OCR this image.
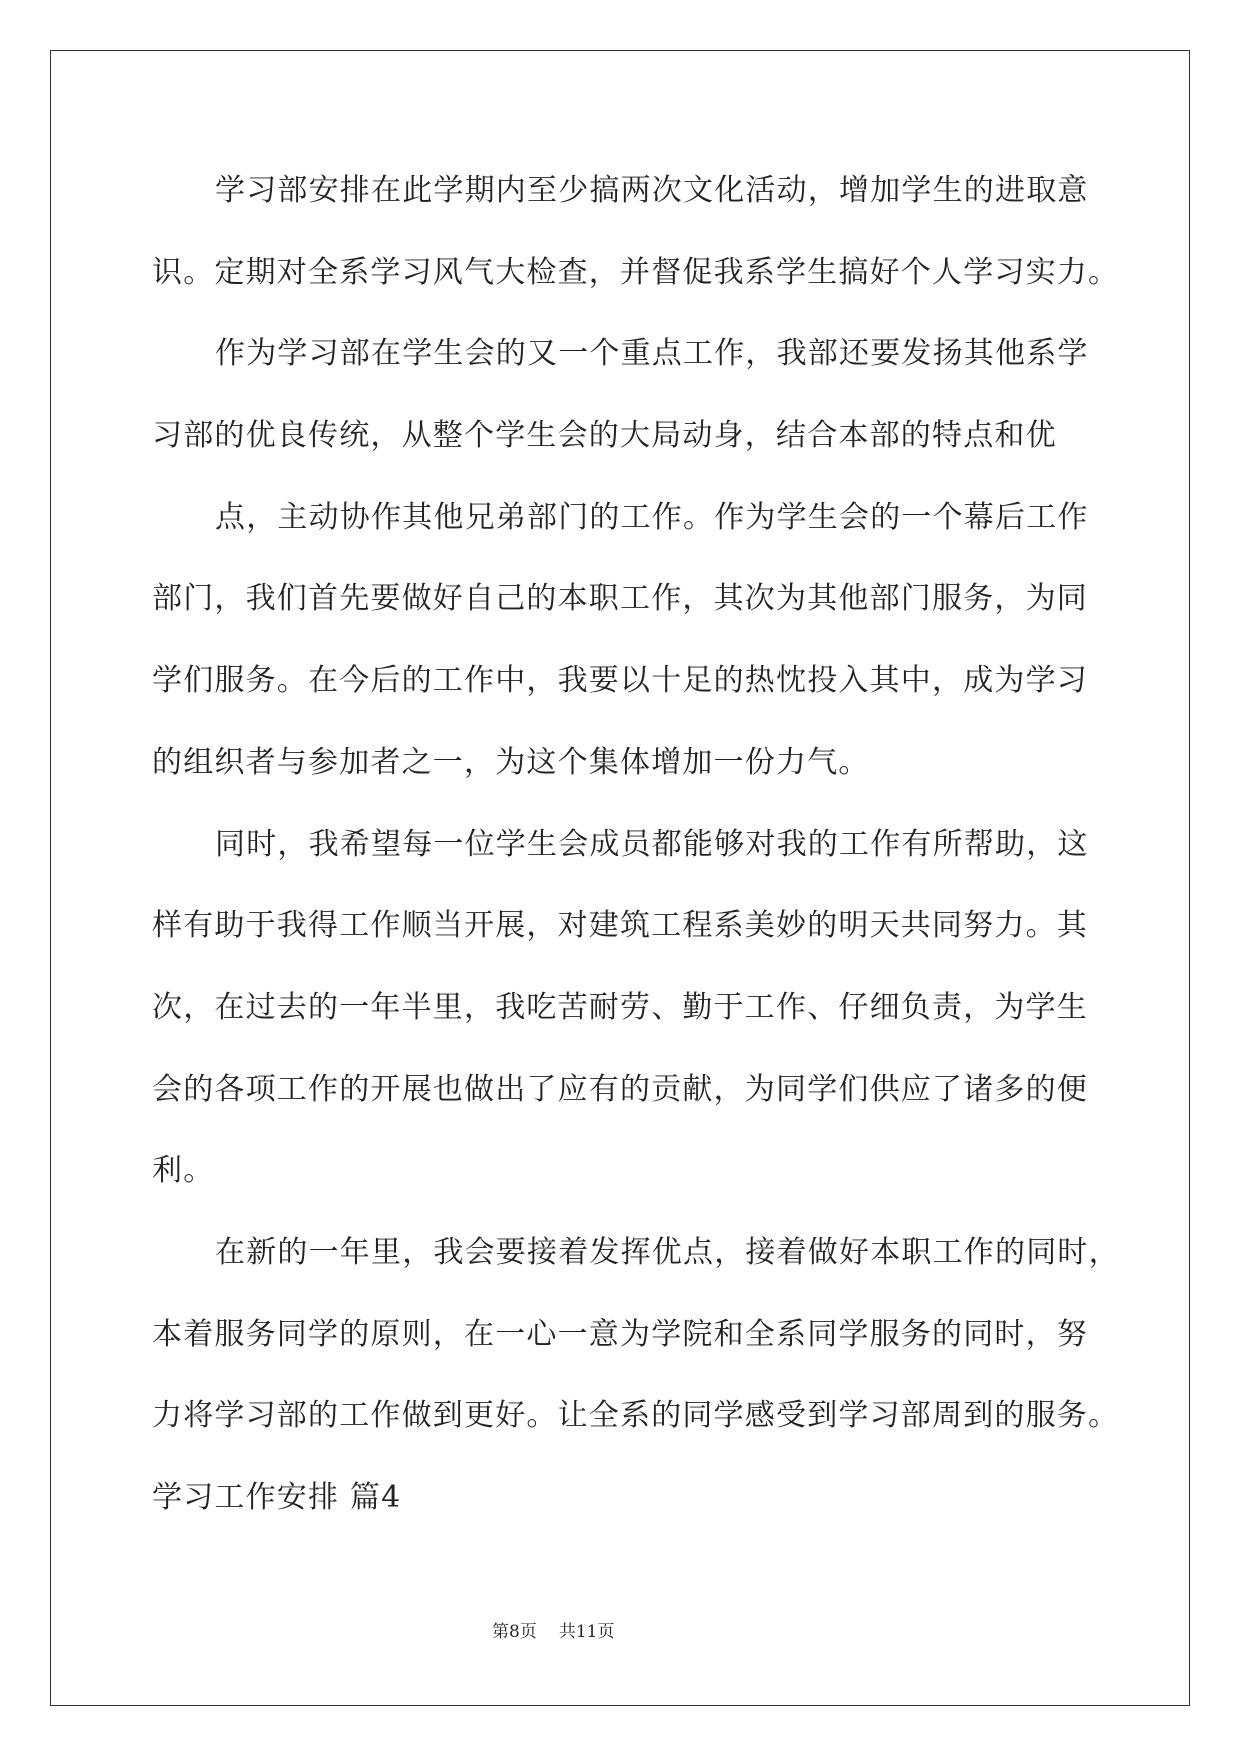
学习部安排在此学期内至少搞两次文化活动，增加学生的进取意
识。定期对全系学习风气大检查，并督促我系学生搞好个人学习实力。
作为学习部在学生会的又一个重点工作，我部还要发扬其他系学
习部的优良传统，从整个学生会的大局动身，结合本部的特点和优
点，主动协作其他兄弟部门的工作。作为学生会的一个幕后工作
部门，我们首先要做好自己的本职工作，其次为其他部门服务，为同
学们服务。在今后的工作中，我要以十足的热忱投入其中，成为学习
的组织者与参加者之一，为这个集体增加一份力气。
同时，我希望每一位学生会成员都能够对我的工作有所帮助，这
样有助于我得工作顺当开展，对建筑工程系美妙的明天共同努力。其
次，在过去的一年半里，我吃苦耐劳、勤于工作、仔细负责，为学生
会的各项工作的开展也做出了应有的贡献，为同学们供应了诸多的便
利。
在新的一年里，我会要接着发挥优点，接着做好本职工作的同时，
本着服务同学的原则，在一心一意为学院和全系同学服务的同时，努
力将学习部的工作做到更好。让全系的同学感受到学习部周到的服务。
学习工作安排 篇4
第8页 共11页
